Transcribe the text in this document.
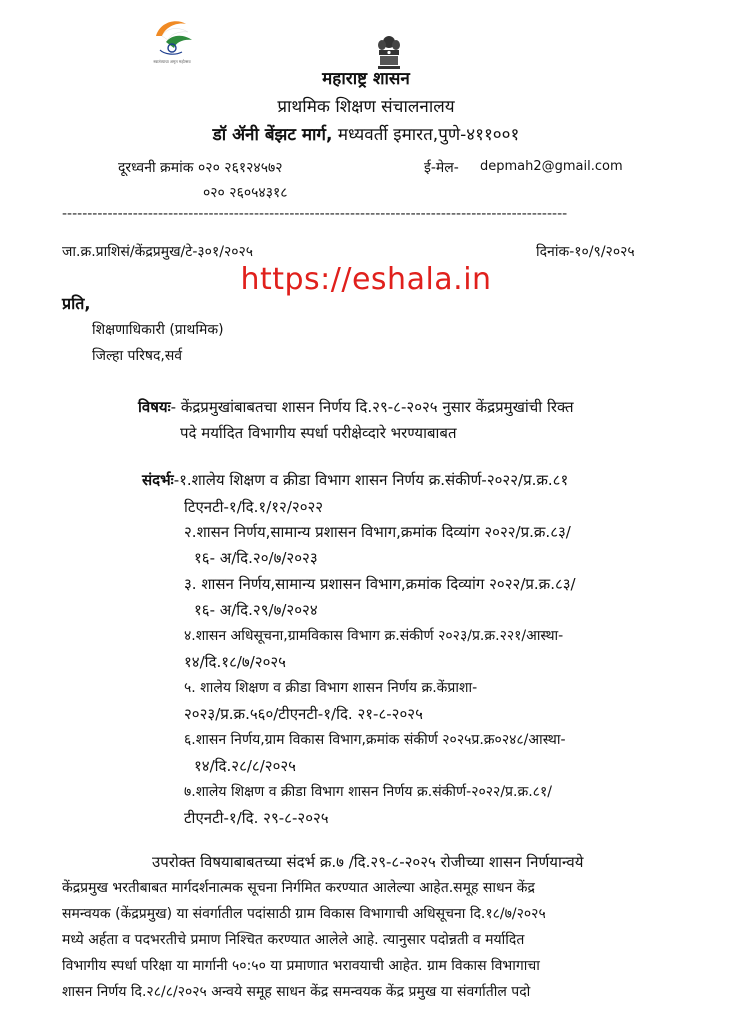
स्वातंत्र्याचा अमृत महोत्सव
महाराष्ट्र शासन
प्राथमिक शिक्षण संचालनालय
डॉ ॲनी बेंझट मार्ग, मध्यवर्ती इमारत,पुणे-४११००१
दूरध्वनी क्रमांक ०२० २६१२४५७२
०२० २६०५४३१८
ई-मेल- depmah2@gmail.com
----------------------------------------------------------------------------------------------------
जा.क्र.प्राशिसं/केंद्रप्रमुख/टे-३०१/२०२५	दिनांक-१०/९/२०२५
https://eshala.in
प्रति,
शिक्षणाधिकारी (प्राथमिक)
जिल्हा परिषद,सर्व
विषयः- केंद्रप्रमुखांबाबतचा शासन निर्णय दि.२९-८-२०२५ नुसार केंद्रप्रमुखांची रिक्त
पदे मर्यादित विभागीय स्पर्धा परीक्षेव्दारे भरण्याबाबत
संदर्भः-१.शालेय शिक्षण व क्रीडा विभाग शासन निर्णय क्र.संकीर्ण-२०२२/प्र.क्र.८१
टिएनटी-१/दि.१/१२/२०२२
२.शासन निर्णय,सामान्य प्रशासन विभाग,क्रमांक दिव्यांग २०२२/प्र.क्र.८३/
१६- अ/दि.२०/७/२०२३
३. शासन निर्णय,सामान्य प्रशासन विभाग,क्रमांक दिव्यांग २०२२/प्र.क्र.८३/
१६- अ/दि.२९/७/२०२४
४.शासन अधिसूचना,ग्रामविकास विभाग क्र.संकीर्ण २०२३/प्र.क्र.२२१/आस्था-
१४/दि.१८/७/२०२५
५. शालेय शिक्षण व क्रीडा विभाग शासन निर्णय क्र.केंप्राशा-
२०२३/प्र.क्र.५६०/टीएनटी-१/दि. २१-८-२०२५
६.शासन निर्णय,ग्राम विकास विभाग,क्रमांक संकीर्ण २०२५प्र.क्र०२४८/आस्था-
१४/दि.२८/८/२०२५
७.शालेय शिक्षण व क्रीडा विभाग शासन निर्णय क्र.संकीर्ण-२०२२/प्र.क्र.८१/
टीएनटी-१/दि. २९-८-२०२५
उपरोक्त विषयाबाबतच्या संदर्भ क्र.७ /दि.२९-८-२०२५ रोजीच्या शासन निर्णयान्वये
केंद्रप्रमुख भरतीबाबत मार्गदर्शनात्मक सूचना निर्गमित करण्यात आलेल्या आहेत.समूह साधन केंद्र
समन्वयक (केंद्रप्रमुख) या संवर्गातील पदांसाठी ग्राम विकास विभागाची अधिसूचना दि.१८/७/२०२५
मध्ये अर्हता व पदभरतीचे प्रमाण निश्चित करण्यात आलेले आहे. त्यानुसार पदोन्नती व मर्यादित
विभागीय स्पर्धा परिक्षा या मार्गानी ५०:५० या प्रमाणात भरावयाची आहेत. ग्राम विकास विभागाचा
शासन निर्णय दि.२८/८/२०२५ अन्वये समूह साधन केंद्र समन्वयक केंद्र प्रमुख या संवर्गातील पदो
